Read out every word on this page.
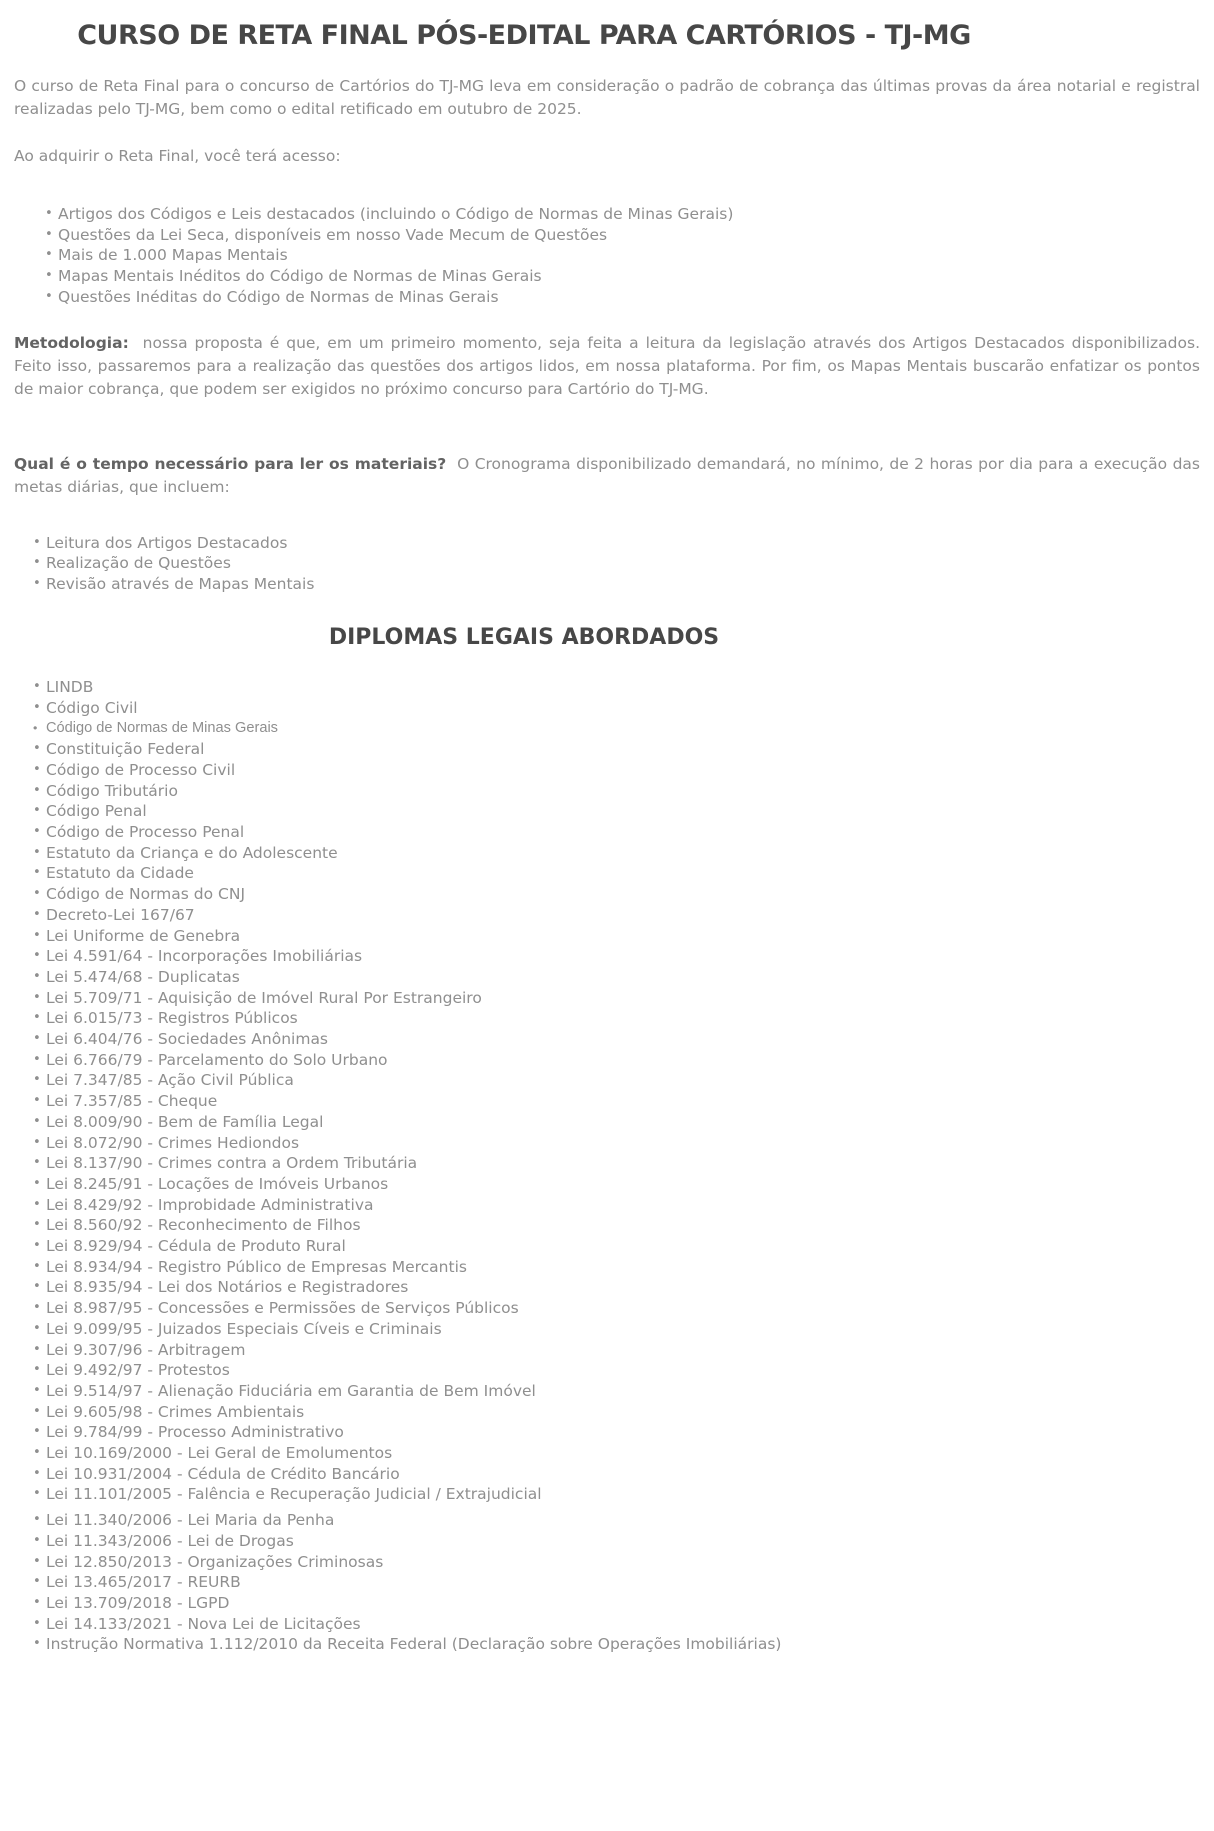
CURSO DE RETA FINAL PÓS-EDITAL PARA CARTÓRIOS - TJ-MG

O curso de Reta Final para o concurso de Cartórios do TJ-MG leva em consideração o padrão de cobrança das últimas provas da área notarial e registral realizadas pelo TJ-MG, bem como o edital retificado em outubro de 2025.

Ao adquirir o Reta Final, você terá acesso:

• Artigos dos Códigos e Leis destacados (incluindo o Código de Normas de Minas Gerais)
• Questões da Lei Seca, disponíveis em nosso Vade Mecum de Questões
• Mais de 1.000 Mapas Mentais
• Mapas Mentais Inéditos do Código de Normas de Minas Gerais
• Questões Inéditas do Código de Normas de Minas Gerais

Metodologia: nossa proposta é que, em um primeiro momento, seja feita a leitura da legislação através dos Artigos Destacados disponibilizados. Feito isso, passaremos para a realização das questões dos artigos lidos, em nossa plataforma. Por fim, os Mapas Mentais buscarão enfatizar os pontos de maior cobrança, que podem ser exigidos no próximo concurso para Cartório do TJ-MG.

Qual é o tempo necessário para ler os materiais? O Cronograma disponibilizado demandará, no mínimo, de 2 horas por dia para a execução das metas diárias, que incluem:

• Leitura dos Artigos Destacados
• Realização de Questões
• Revisão através de Mapas Mentais
DIPLOMAS LEGAIS ABORDADOS
• LINDB
• Código Civil
• Código de Normas de Minas Gerais
• Constituição Federal
• Código de Processo Civil
• Código Tributário
• Código Penal
• Código de Processo Penal
• Estatuto da Criança e do Adolescente
• Estatuto da Cidade
• Código de Normas do CNJ
• Decreto-Lei 167/67
• Lei Uniforme de Genebra
• Lei 4.591/64 - Incorporações Imobiliárias
• Lei 5.474/68 - Duplicatas
• Lei 5.709/71 - Aquisição de Imóvel Rural Por Estrangeiro
• Lei 6.015/73 - Registros Públicos
• Lei 6.404/76 - Sociedades Anônimas
• Lei 6.766/79 - Parcelamento do Solo Urbano
• Lei 7.347/85 - Ação Civil Pública
• Lei 7.357/85 - Cheque
• Lei 8.009/90 - Bem de Família Legal
• Lei 8.072/90 - Crimes Hediondos
• Lei 8.137/90 - Crimes contra a Ordem Tributária
• Lei 8.245/91 - Locações de Imóveis Urbanos
• Lei 8.429/92 - Improbidade Administrativa
• Lei 8.560/92 - Reconhecimento de Filhos
• Lei 8.929/94 - Cédula de Produto Rural
• Lei 8.934/94 - Registro Público de Empresas Mercantis
• Lei 8.935/94 - Lei dos Notários e Registradores
• Lei 8.987/95 - Concessões e Permissões de Serviços Públicos
• Lei 9.099/95 - Juizados Especiais Cíveis e Criminais
• Lei 9.307/96 - Arbitragem
• Lei 9.492/97 - Protestos
• Lei 9.514/97 - Alienação Fiduciária em Garantia de Bem Imóvel
• Lei 9.605/98 - Crimes Ambientais
• Lei 9.784/99 - Processo Administrativo
• Lei 10.169/2000 - Lei Geral de Emolumentos
• Lei 10.931/2004 - Cédula de Crédito Bancário
• Lei 11.101/2005 - Falência e Recuperação Judicial / Extrajudicial
• Lei 11.340/2006 - Lei Maria da Penha
• Lei 11.343/2006 - Lei de Drogas
• Lei 12.850/2013 - Organizações Criminosas
• Lei 13.465/2017 - REURB
• Lei 13.709/2018 - LGPD
• Lei 14.133/2021 - Nova Lei de Licitações
• Instrução Normativa 1.112/2010 da Receita Federal (Declaração sobre Operações Imobiliárias)
